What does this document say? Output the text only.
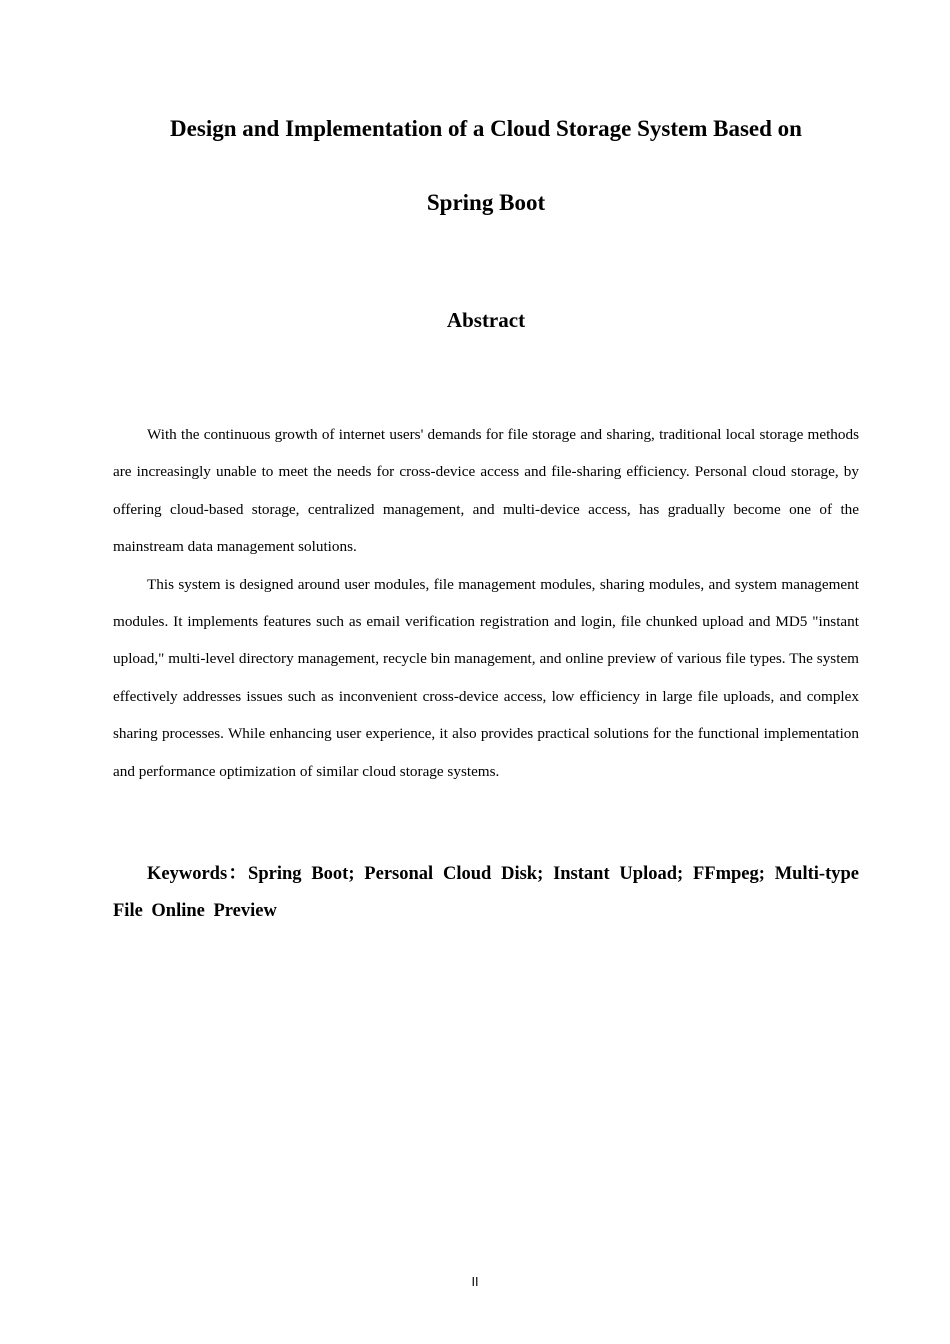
Design and Implementation of a Cloud Storage System Based on
Spring Boot
Abstract

With the continuous growth of internet users' demands for file storage and sharing, traditional local storage methods are increasingly unable to meet the needs for cross-device access and file-sharing efficiency. Personal cloud storage, by offering cloud-based storage, centralized management, and multi-device access, has gradually become one of the mainstream data management solutions.

This system is designed around user modules, file management modules, sharing modules, and system management modules. It implements features such as email verification registration and login, file chunked upload and MD5 "instant upload," multi-level directory management, recycle bin management, and online preview of various file types. The system effectively addresses issues such as inconvenient cross-device access, low efficiency in large file uploads, and complex sharing processes. While enhancing user experience, it also provides practical solutions for the functional implementation and performance optimization of similar cloud storage systems.

Keywords：Spring Boot; Personal Cloud Disk; Instant Upload; FFmpeg; Multi-type File Online Preview

II
